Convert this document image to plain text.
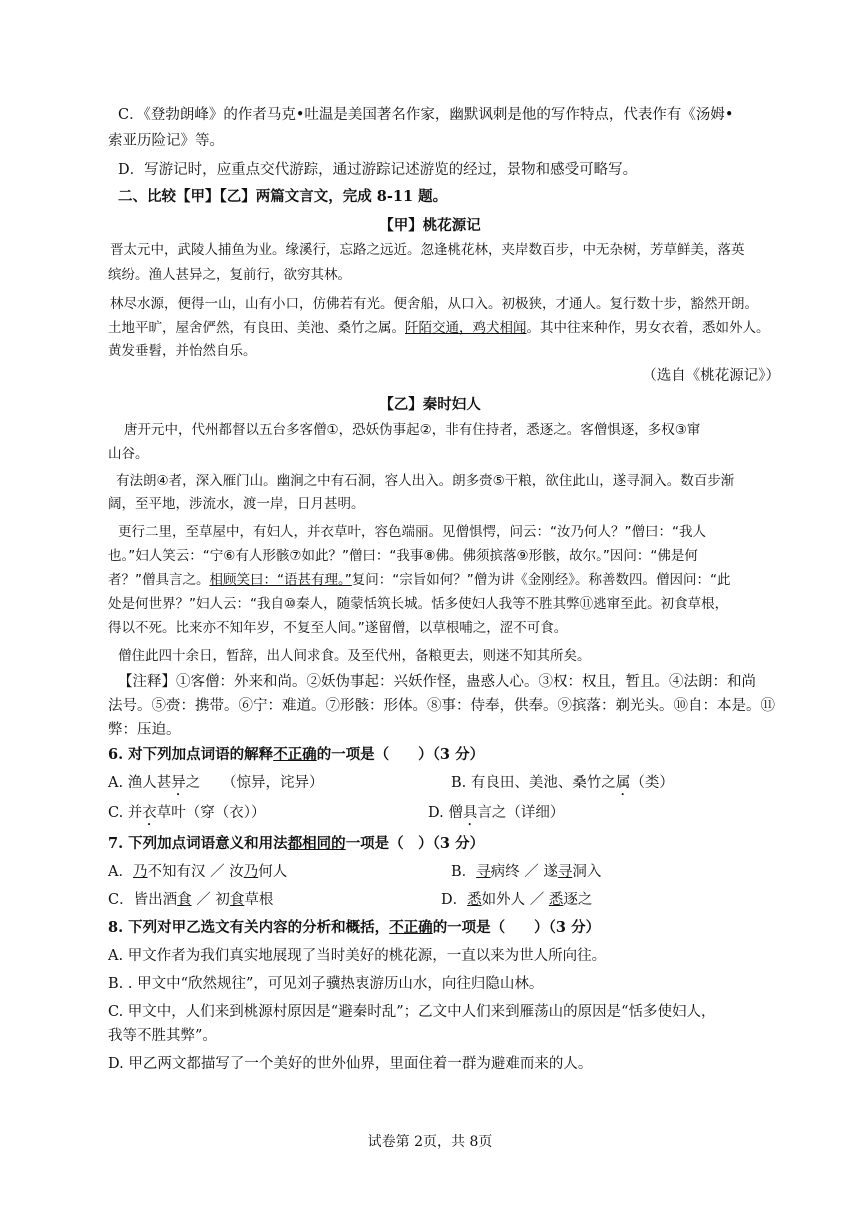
C．《登勃朗峰》的作者马克•吐温是美国著名作家，幽默讽刺是他的写作特点，代表作有《汤姆•
索亚历险记》等。
D．写游记时，应重点交代游踪，通过游踪记述游览的经过，景物和感受可略写。
二、比较【甲】【乙】两篇文言文，完成 8-11 题。
【甲】桃花源记
晋太元中，武陵人捕鱼为业。缘溪行，忘路之远近。忽逢桃花林，夹岸数百步，中无杂树，芳草鲜美，落英
缤纷。渔人甚异之，复前行，欲穷其林。
林尽水源，便得一山，山有小口，仿佛若有光。便舍船，从口入。初极狭，才通人。复行数十步，豁然开朗。
土地平旷，屋舍俨然，有良田、美池、桑竹之属。阡陌交通，鸡犬相闻。其中往来种作，男女衣着，悉如外人。
黄发垂髫，并怡然自乐。
（选自《桃花源记》）
【乙】秦时妇人
唐开元中，代州都督以五台多客僧①，恐妖伪事起②，非有住持者，悉逐之。客僧惧逐，多权③窜
山谷。
有法朗④者，深入雁门山。幽涧之中有石洞，容人出入。朗多赍⑤干粮，欲住此山，遂寻洞入。数百步渐
阔，至平地，涉流水，渡一岸，日月甚明。
更行二里，至草屋中，有妇人，并衣草叶，容色端丽。见僧惧愕，问云：“汝乃何人？”僧曰：“我人
也。”妇人笑云：“宁⑥有人形骸⑦如此？”僧曰：“我事⑧佛。佛须摈落⑨形骸，故尔。”因问：“佛是何
者？”僧具言之。相顾笑曰：“语甚有理。”复问：“宗旨如何？”僧为讲《金刚经》。称善数四。僧因问：“此
处是何世界？”妇人云：“我自⑩秦人，随蒙恬筑长城。恬多使妇人我等不胜其弊⑪逃窜至此。初食草根，
得以不死。比来亦不知年岁，不复至人间。”遂留僧，以草根哺之，涩不可食。
僧住此四十余日，暂辞，出人间求食。及至代州，备粮更去，则迷不知其所矣。
【注释】①客僧：外来和尚。②妖伪事起：兴妖作怪，蛊惑人心。③权：权且，暂且。④法朗：和尚
法号。⑤赍：携带。⑥宁：难道。⑦形骸：形体。⑧事：侍奉，供奉。⑨摈落：剃光头。⑩自：本是。⑪
弊：压迫。
6. 对下列加点词语的解释不正确的一项是（　　）（3 分）
A. 渔人甚异之　　（惊异，诧异）	B. 有良田、美池、桑竹之属（类）
C. 并衣草叶（穿（衣））	D. 僧具言之（详细）
7. 下列加点词语意义和用法都相同的一项是（　）（3 分）
A．乃不知有汉 ／ 汝乃何人	B．寻病终 ／ 遂寻洞入
C．皆出酒食 ／ 初食草根	D．悉如外人 ／ 悉逐之
8. 下列对甲乙选文有关内容的分析和概括，不正确的一项是（　　）（3 分）
A. 甲文作者为我们真实地展现了当时美好的桃花源，一直以来为世人所向往。
B. . 甲文中“欣然规往”，可见刘子骥热衷游历山水，向往归隐山林。
C. 甲文中，人们来到桃源村原因是“避秦时乱”；乙文中人们来到雁荡山的原因是“恬多使妇人，
我等不胜其弊”。
D. 甲乙两文都描写了一个美好的世外仙界，里面住着一群为避难而来的人。
试卷第 2页，共 8页
